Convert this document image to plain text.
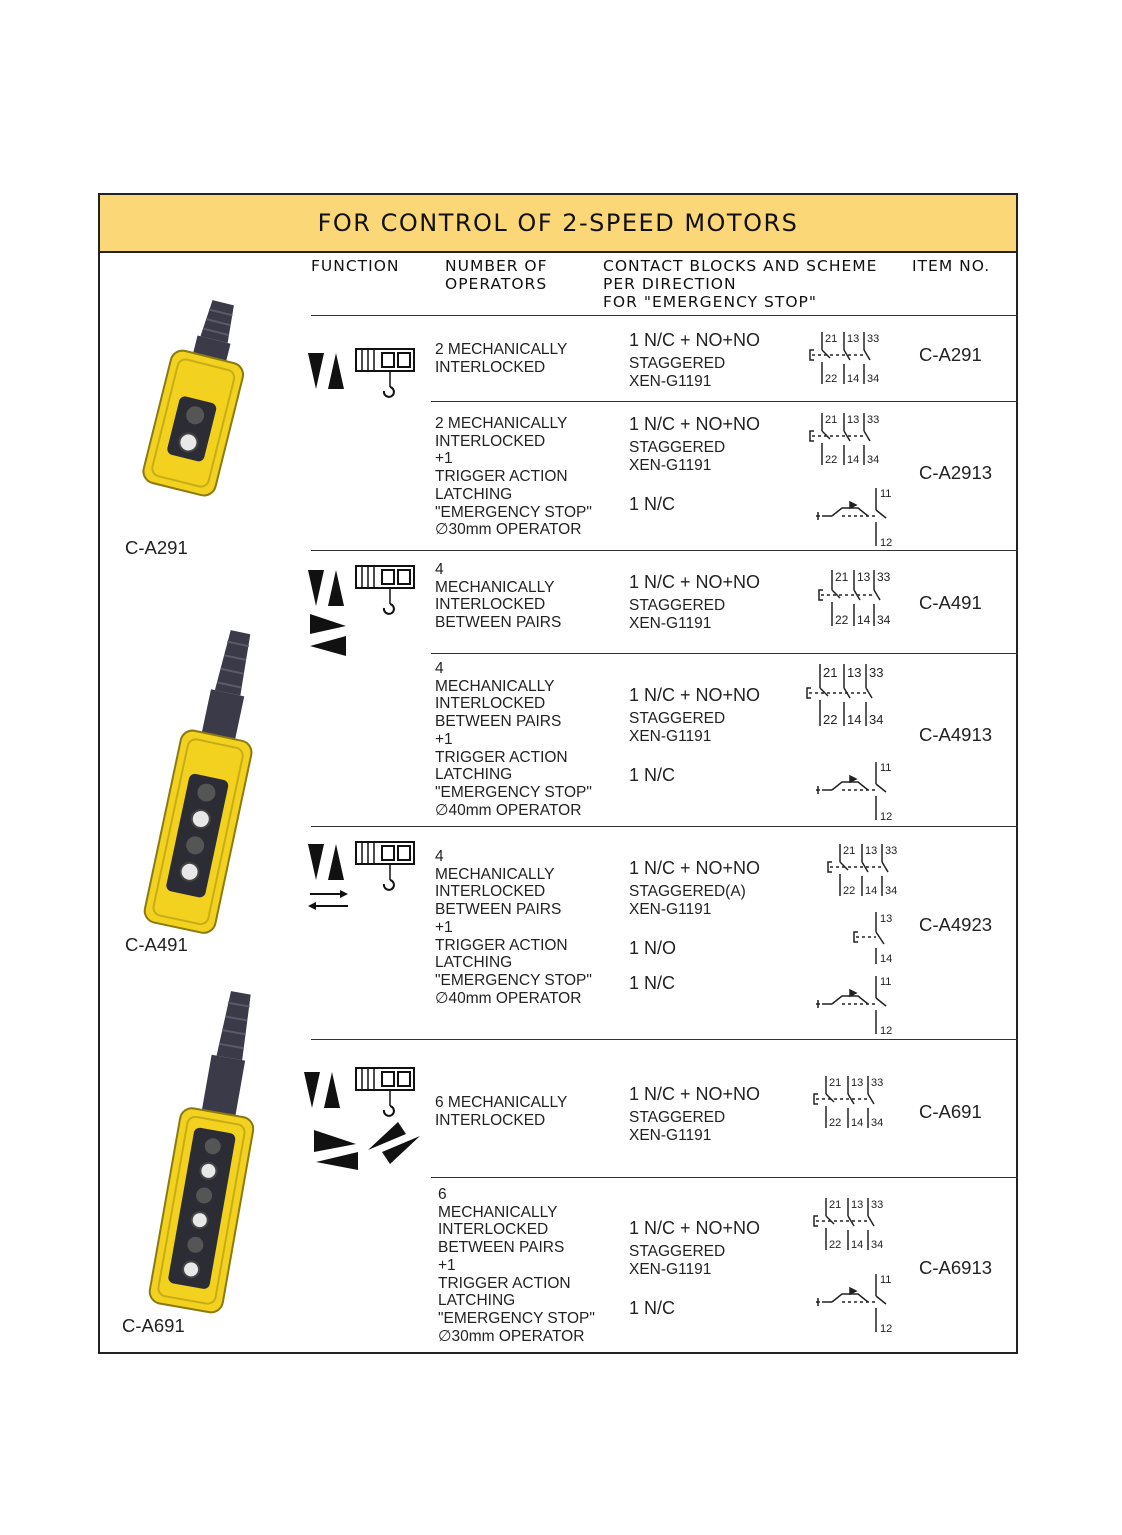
FOR CONTROL OF 2-SPEED MOTORS
FUNCTION	NUMBER OF
OPERATORS
CONTACT BLOCKS AND SCHEME
PER DIRECTION
FOR "EMERGENCY STOP"
ITEM NO.
C-A291
C-A491
C-A691
2 MECHANICALLY
INTERLOCKED
2 MECHANICALLY
INTERLOCKED
+1
TRIGGER ACTION
LATCHING
"EMERGENCY STOP"
∅30mm OPERATOR
4
MECHANICALLY
INTERLOCKED
BETWEEN PAIRS
4
MECHANICALLY
INTERLOCKED
BETWEEN PAIRS
+1
TRIGGER ACTION
LATCHING
"EMERGENCY STOP"
∅40mm OPERATOR
4
MECHANICALLY
INTERLOCKED
BETWEEN PAIRS
+1
TRIGGER ACTION
LATCHING
"EMERGENCY STOP"
∅40mm OPERATOR
6 MECHANICALLY
INTERLOCKED
6
MECHANICALLY
INTERLOCKED
BETWEEN PAIRS
+1
TRIGGER ACTION
LATCHING
"EMERGENCY STOP"
∅30mm OPERATOR
1 N/C + NO+NO
STAGGERED
XEN-G1191
1 N/C + NO+NO
STAGGERED
XEN-G1191
1 N/C
1 N/C + NO+NO
STAGGERED
XEN-G1191
1 N/C + NO+NO
STAGGERED
XEN-G1191
1 N/C
1 N/C + NO+NO
STAGGERED(A)
XEN-G1191
1 N/O
1 N/C
1 N/C + NO+NO
STAGGERED
XEN-G1191
1 N/C + NO+NO
STAGGERED
XEN-G1191
1 N/C
21 13 33
22 14 34
21 13 33
22 14 34
21 13 33
22 14 34
21 13 33
22 14 34
21 13 33
22 14 34
21 13 33
22 14 34
21 13 33
22 14 34
11
12
11
12
13
14
11
12
11
12
C-A291
C-A2913
C-A491
C-A4913
C-A4923
C-A691
C-A6913
